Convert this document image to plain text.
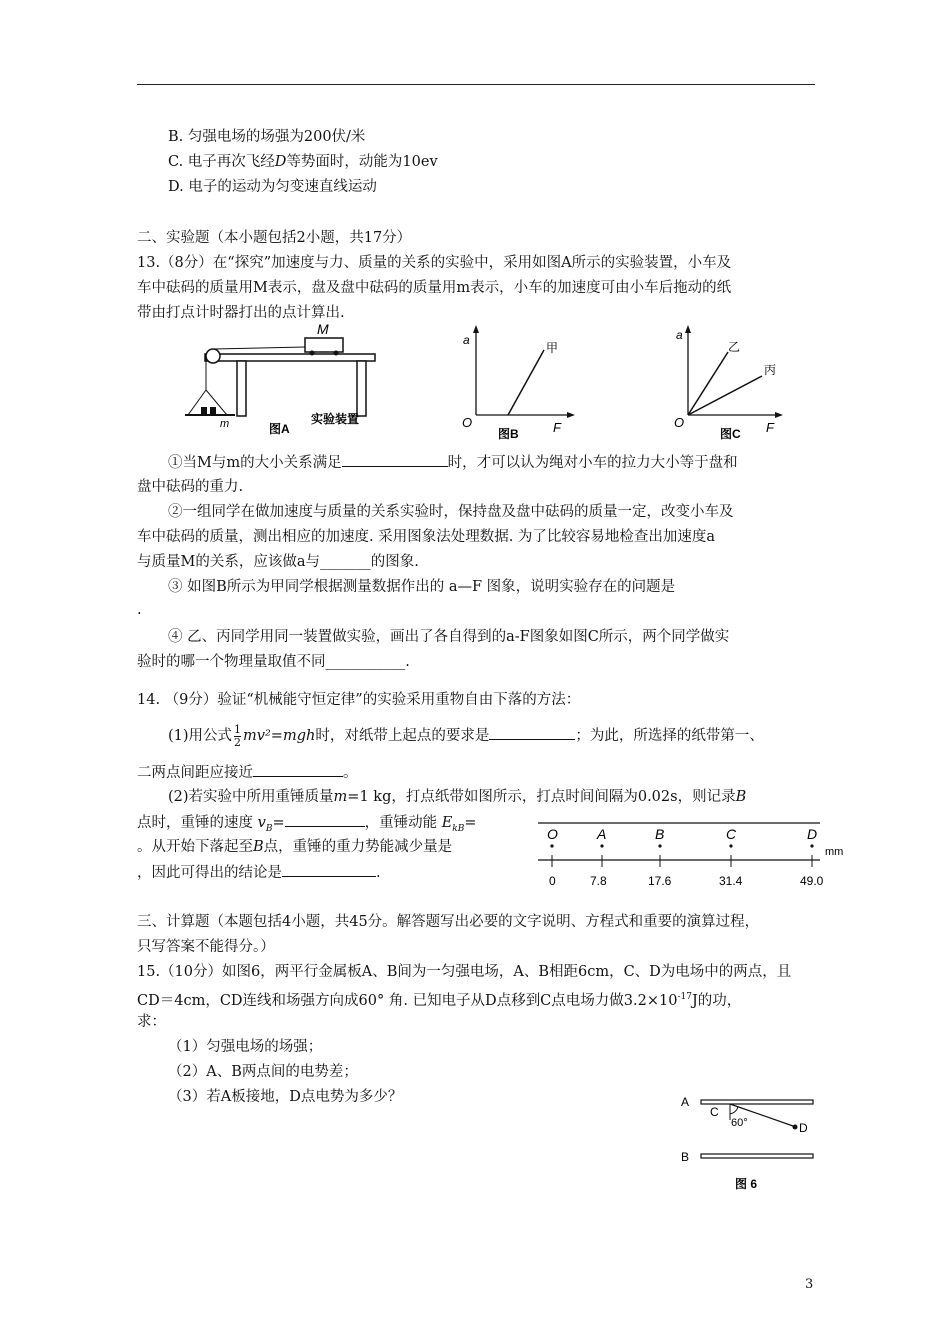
B. 匀强电场的场强为200伏/米
C. 电子再次飞经D等势面时，动能为10ev
D. 电子的运动为匀变速直线运动
二、实验题（本小题包括2小题，共17分）
13.（8分）在“探究”加速度与力、质量的关系的实验中，采用如图A所示的实验装置，小车及
车中砝码的质量用M表示，盘及盘中砝码的质量用m表示，小车的加速度可由小车后拖动的纸
带由打点计时器打出的点计算出.
M
m	图A
实验装置
a
O	F
甲
图B
a
O	F
乙
丙
图C
①当M与m的大小关系满足	时，才可以认为绳对小车的拉力大小等于盘和
盘中砝码的重力.
②一组同学在做加速度与质量的关系实验时，保持盘及盘中砝码的质量一定，改变小车及
车中砝码的质量，测出相应的加速度. 采用图象法处理数据. 为了比较容易地检查出加速度a
与质量M的关系，应该做a与_______的图象.
③ 如图B所示为甲同学根据测量数据作出的 a—F 图象，说明实验存在的问题是
.
④ 乙、丙同学用同一装置做实验，画出了各自得到的a-F图象如图C所示，两个同学做实
验时的哪一个物理量取值不同___________.
14. （9分）验证“机械能守恒定律”的实验采用重物自由下落的方法：
(1)用公式 $\frac{1}{2} mv^2=mgh$时，对纸带上起点的要求是	；为此，所选择的纸带第一、
二两点间距应接近	。
(2)若实验中所用重锤质量m=1 kg，打点纸带如图所示，打点时间间隔为0.02s，则记录B
点时，重锤的速度 $v_B=$	，重锤动能 $E_{kB}=$
。从开始下落起至B点，重锤的重力势能减少量是
，因此可得出的结论是	.
O
0
A
7.8
B
17.6
C
31.4
D
49.0
mm
三、计算题（本题包括4小题，共45分。解答题写出必要的文字说明、方程式和重要的演算过程，
只写答案不能得分。）
15.（10分）如图6，两平行金属板A、B间为一匀强电场，A、B相距6cm，C、D为电场中的两点，且
CD＝4cm，CD连线和场强方向成60° 角. 已知电子从D点移到C点电场力做$3.2\times 10^{-17}J$的功，
求：
（1）匀强电场的场强；
（2）A、B两点间的电势差；
（3）若A板接地，D点电势为多少？	A
B
C
D
60°
图 6
3
